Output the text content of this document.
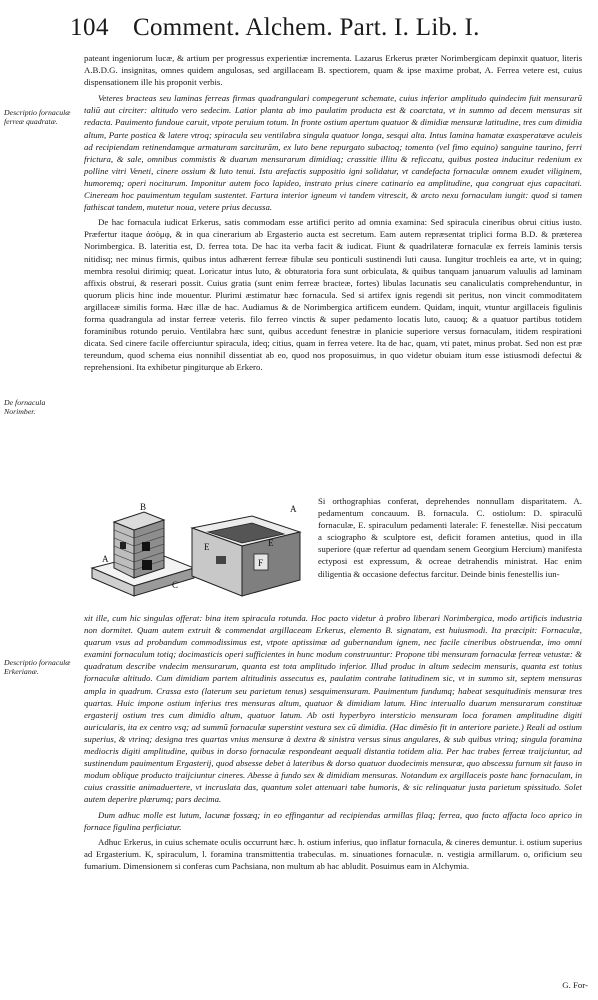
104 Comment. Alchem. Part. I. Lib. I.
Descriptio fornaculæ ferreæ quadratæ.
De fornacula Norimber.
Descriptio fornaculæ Erkerianæ.

pateant ingeniorum lucæ, & artium per progressus experientiæ incrementa. Lazarus Erkerus præter Norimbergicam depinxit quatuor, literis A.B.D.G. insignitas, omnes quidem angulosas, sed argillaceam B. spectiorem, quam & ipse maxime probat, A. Ferrea vetere est, cuius dispensationem ille his proponit verbis.

Veteres bracteas seu laminas ferreas firmas quadrangulari compegerunt schemate, cuius inferior amplitudo quindecim fuit mensurarū taliū aut circiter: altitudo vero sedecim. Latior planta ab imo paulatim producta est & coarctata, vt in summo ad decem mensuras sit redacta. Pauimento fundoue caruit, vtpote peruium totum. In fronte ostium apertum quatuor & dimidiæ mensuræ latitudine, tres cum dimidia altum, Parte postica & latere vtroq; spiracula seu ventilabra singula quatuor longa, sesqui alta. Intus lamina hamatæ exasperatæve aculeis ad recipiendam retinendamque armaturam sarciturām, ex luto bene repurgato subactoq; tomento (vel fimo equino) sanguine taurino, ferri frictura, & sale, omnibus commistis & duarum mensurarum dimidiaq; crassitie illitu & reficcatu, quibus postea inducitur redenium ex polline vitri Veneti, cinere ossium & luto tenui. Istu arefactis suppositio igni solidatur, vt candefacta fornaculæ omnem exudet viliginem, humoremq; operi nociturum. Imponitur autem foco lapideo, instrato prius cinere catinario ea amplitudine, qua congruat ejus capacitati. Cineream hoc pauimentum tegulam sustentet. Fartura interior igneum vi tandem vitrescit, & arcto nexu fornaculam iungit: quod si tamen fathiscat tandem, mutetur noua, vetere prius decussa.

De hac fornacula iudicat Erkerus, satis commodam esse artifici perito ad omnia examina: Sed spiracula cineribus obrui citius iusto. Præfertur itaque ἀσόμφ, & in qua cinerarium ab Ergasterio aucta est secretum. Eam autem repræsentat triplici forma B.D. & præterea Norimbergica. B. lateritia est, D. ferrea tota. De hac ita verba facit & iudicat. Fiunt & quadrilateræ fornaculæ ex ferreis laminis tersis nitidisq; nec minus firmis, quibus intus adhærent ferreæ fibulæ seu ponticuli sustinendi luti causa. Iungitur trochleis ea arte, vt in quing; membra resolui dirimiq; queat. Loricatur intus luto, & obturatoria fora sunt orbiculata, & quibus tanquam januarum valuulis ad laminam affixis obstrui, & reserari possit. Cuius gratia (sunt enim ferreæ bracteæ, fortes) libulas lacunatis seu canaliculatis comprehenduntur, in quorum plicis hinc inde mouentur. Plurimi æstimatur hæc fornacula. Sed si artifex ignis regendi sit peritus, non vincit commoditatem argillaceæ similis forma. Hæc illæ de hac. Audiamus & de Norimbergica artificem eundem. Quidam, inquit, vtuntur argillaceis figulinis forma quadrangula ad instar ferreæ veteris. filo ferreo vinctis & super pedamento locatis luto, cauoq; & a quatuor partibus totidem foraminibus rotundo peruio. Ventilabra hæc sunt, quibus accedunt fenestræ in planicie superiore versus fornaculam, itidem respirationi dicata. Sed cinere facile offerciuntur spiracula, ideq; citius, quam in ferrea vetere. Ita de hac, quam, vti patet, minus probat. Sed non est præ tereundum, quod schema eius nonnihil dissentiat ab eo, quod nos proposuimus, in quo videtur obuiam itum esse istiusmodi defectui & reprehensioni. Ita exhibetur pingiturque ab Erkero.

B
A
A
C
E	E
F
Si orthographias conferat, deprehendes nonnullam disparitatem. A. pedamentum concauum. B. fornacula. C. ostiolum: D. spiraculū fornaculæ, E. spiraculum pedamenti laterale: F. fenestellæ. Nisi peccatum a sciographo & sculptore est, deficit foramen antetius, quod in illa superiore (quæ refertur ad quendam senem Georgium Hercium) manifesta ectyposi est expressum, & ocreae detrahendis ministrat. Hac enim diligentia & occasione defectus farcitur. Deinde binis fenestellis iun-

xit ille, cum hic singulas offerat: bina item spiracula rotunda. Hoc pacto videtur à probro liberari Norimbergica, modo artificis industria non dormitet. Quam autem extruit & commendat argillaceam Erkerus, elemento B. signatam, est huiusmodi. Ita præcipit: Fornaculæ, quarum vsus ad probandum commodissimus est, vtpote aptissimæ ad gubernandum ignem, nec facile cineribus obstruendæ, imo omni examini fornaculum totiq; docimasticis operi sufficientes in hunc modum construuntur: Propone tibi mensuram fornaculæ ferreæ vetustæ: & quadratum describe vndecim mensurarum, quanta est tota amplitudo inferior. Illud produc in altum sedecim mensuris, quanta est totius fornaculæ altitudo. Cum dimidiam partem altitudinis assecutus es, paulatim contrahe latitudinem sic, vt in summo sit, septem mensuras ampla in quadrum. Crassa esto (laterum seu parietum tenus) sesquimensuram. Pauimentum fundumq; habeat sesquitudinis mensuræ tres quartas. Huic impone ostium inferius tres mensuras altum, quatuor & dimidiam latum. Hinc interuallo duarum mensurarum constituæ ergasterij ostium tres cum dimidio altum, quatuor latum. Ab osti hyperbyro intersticio mensuram loca foramen amplitudine digiti auricularis, ita ex centro vsq; ad summū fornaculæ superstint vestura sex cū dimidia. (Hac dimēsio fit in anteriore pariete.) Reali ad ostium superius, & vtrinq; designa tres quartas vnius mensuræ à dextra & sinistra versus sinus angulares, & sub quibus vtrinq; singula foramina mediocris digiti amplitudine, quibus in dorso fornaculæ respondeant aequali distantia totidem alia. Per hac trabes ferreæ traijciuntur, ad sustinendum pauimentum Ergasterij, quod absesse debet à lateribus & dorso quatuor duodecimis mensuræ, quo abscessu furnum sit fauso in modum oblique producto traijciuntur cineres. Abesse à fundo sex & dimidiam mensuras. Notandum ex argillaceis poste hanc fornaculam, in cuius crassitie animaduertere, vt incruslata das, quantum solet attenuari tabe humoris, & sic relinquatur justa parietum spissitudo. Solet autem deperire plærumq; pars decima.

Dum adhuc molle est lutum, lacunæ fossæq; in eo effingantur ad recipiendas armillas filaq; ferrea, quo facto affacta loco aprico in fornace figulina perficiatur.

Adhuc Erkerus, in cuius schemate oculis occurrunt hæc. h. ostium inferius, quo inflatur fornacula, & cineres demuntur. i. ostium superius ad Ergasterium. K, spiraculum, l. foramina transmittentia trabeculas. m. sinuationes fornaculæ. n. vestigia armillarum. o, orificium seu fumarium. Dimensionem si conferas cum Pachsiana, non multum ab hac abludit. Posuimus eam in Alchymia.

G. For-
